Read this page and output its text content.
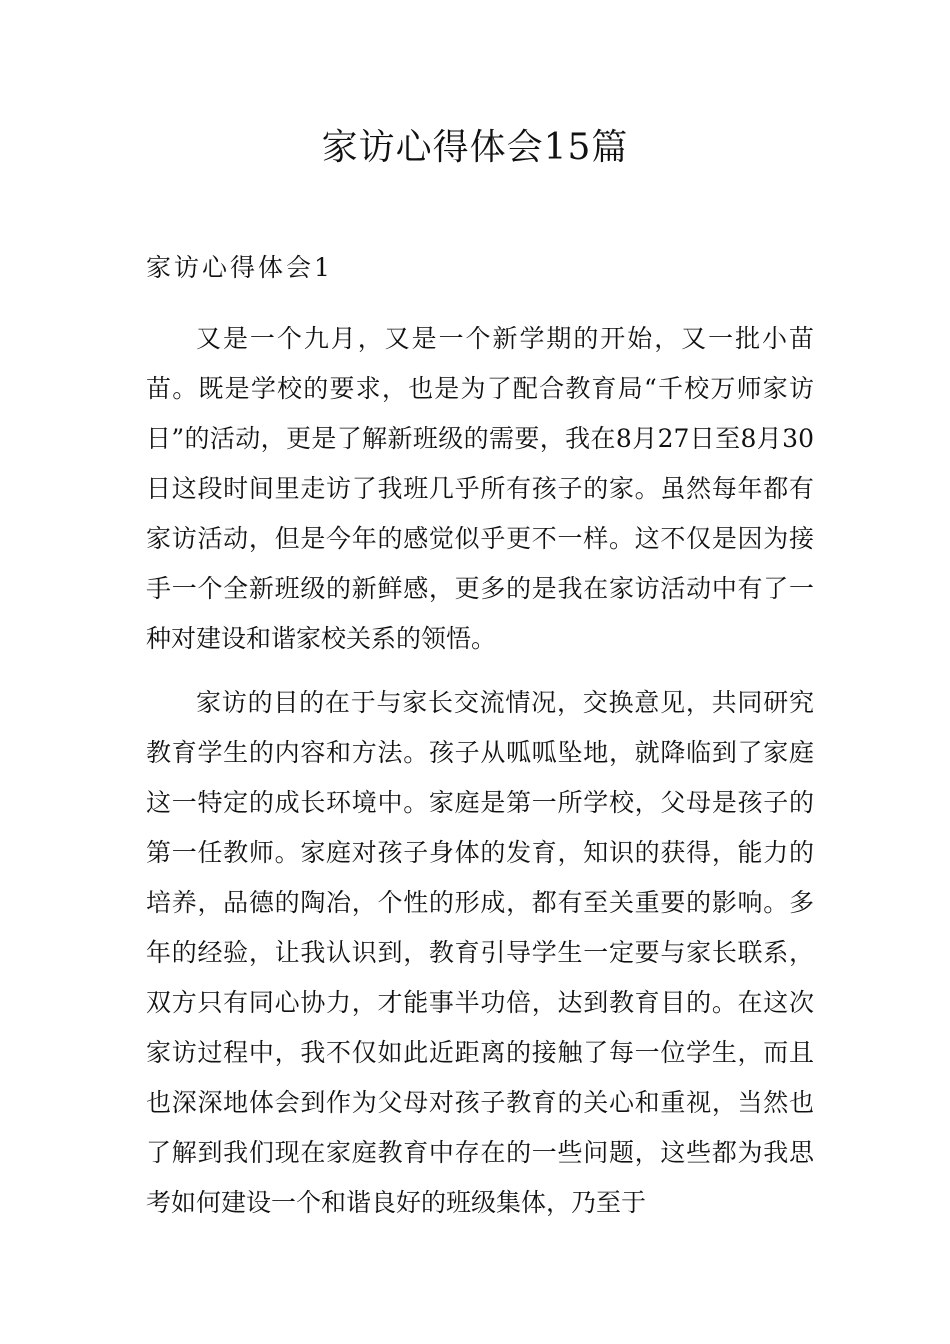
家访心得体会15篇
家访心得体会1

又是一个九月，又是一个新学期的开始，又一批小苗苗。既是学校的要求，也是为了配合教育局“千校万师家访日”的活动，更是了解新班级的需要，我在8月27日至8月30日这段时间里走访了我班几乎所有孩子的家。虽然每年都有家访活动，但是今年的感觉似乎更不一样。这不仅是因为接手一个全新班级的新鲜感，更多的是我在家访活动中有了一种对建设和谐家校关系的领悟。

家访的目的在于与家长交流情况，交换意见，共同研究教育学生的内容和方法。孩子从呱呱坠地，就降临到了家庭这一特定的成长环境中。家庭是第一所学校，父母是孩子的第一任教师。家庭对孩子身体的发育，知识的获得，能力的培养，品德的陶冶，个性的形成，都有至关重要的影响。多年的经验，让我认识到，教育引导学生一定要与家长联系，双方只有同心协力，才能事半功倍，达到教育目的。在这次家访过程中，我不仅如此近距离的接触了每一位学生，而且也深深地体会到作为父母对孩子教育的关心和重视，当然也了解到我们现在家庭教育中存在的一些问题，这些都为我思考如何建设一个和谐良好的班级集体，乃至于
